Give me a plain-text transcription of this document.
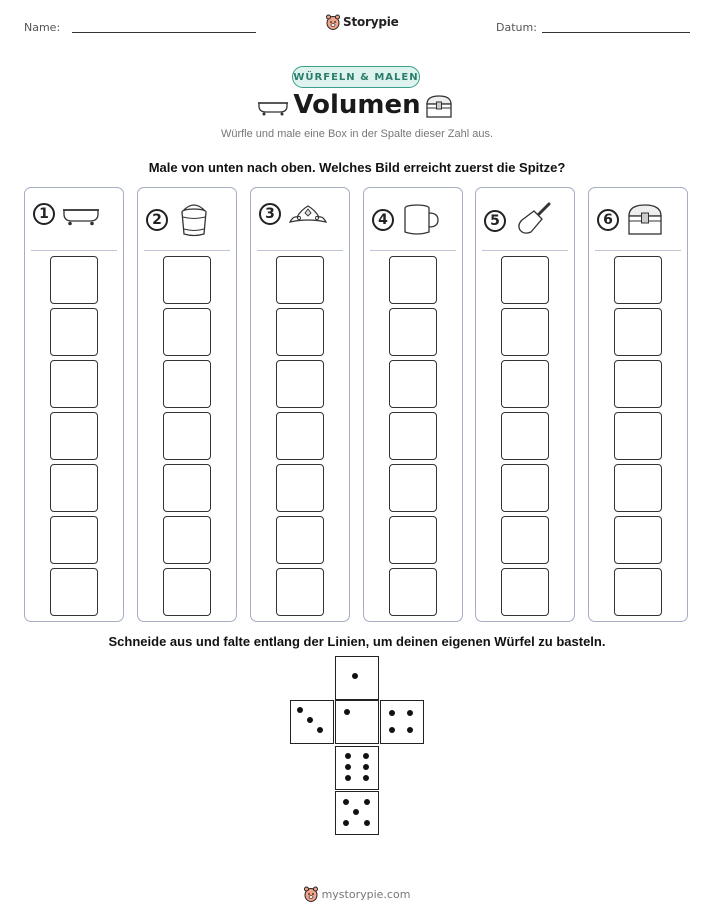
Name:	Storypie	Datum:
WÜRFELN & MALEN
Volumen
Würfle und male eine Box in der Spalte dieser Zahl aus.
Male von unten nach oben. Welches Bild erreicht zuerst die Spitze?
1	2	3	4	5	6
Schneide aus und falte entlang der Linien, um deinen eigenen Würfel zu basteln.
mystorypie.com
